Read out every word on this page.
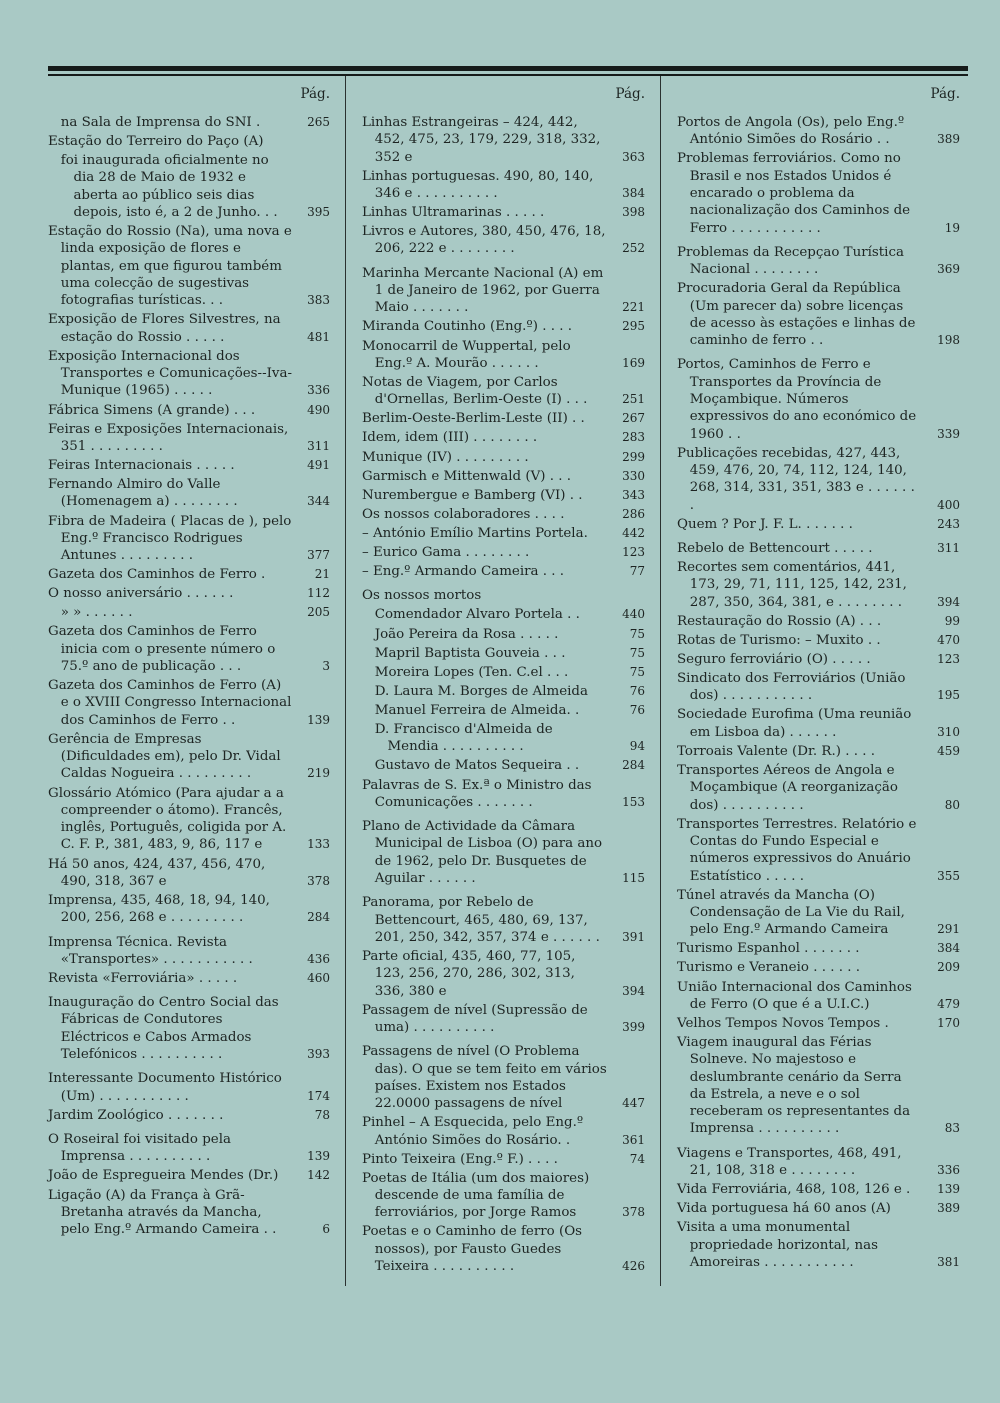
Pág.
na Sala de Imprensa do SNI .	265
Estação do Terreiro do Paço (A)
foi inaugurada oficialmente no dia 28 de Maio de 1932 e aberta ao público seis dias depois, isto é, a 2 de Junho. . .	395
Estação do Rossio (Na), uma nova e linda exposição de flores e plantas, em que figurou também uma colecção de sugestivas fotografias turísticas. . .	383
Exposição de Flores Silvestres, na estação do Rossio . . . . .	481
Exposição Internacional dos Transportes e Comunicações--Iva-Munique (1965) . . . . .	336
Fábrica Simens (A grande) . . .	490
Feiras e Exposições Internacionais, 351 . . . . . . . . .	311
Feiras Internacionais . . . . .	491
Fernando Almiro do Valle (Homenagem a) . . . . . . . .	344
Fibra de Madeira ( Placas de ), pelo Eng.º Francisco Rodrigues Antunes . . . . . . . . .	377
Gazeta dos Caminhos de Ferro .	21
O nosso aniversário . . . . . .	112
» » . . . . . .	205
Gazeta dos Caminhos de Ferro inicia com o presente número o 75.º ano de publicação . . .	3
Gazeta dos Caminhos de Ferro (A) e o XVIII Congresso Internacional dos Caminhos de Ferro . .	139
Gerência de Empresas (Dificuldades em), pelo Dr. Vidal Caldas Nogueira . . . . . . . . .	219
Glossário Atómico (Para ajudar a a compreender o átomo). Francês, inglês, Português, coligida por A. C. F. P., 381, 483, 9, 86, 117 e	133
Há 50 anos, 424, 437, 456, 470, 490, 318, 367 e	378
Imprensa, 435, 468, 18, 94, 140, 200, 256, 268 e . . . . . . . . .	284
Imprensa Técnica. Revista «Transportes» . . . . . . . . . . .	436
Revista «Ferroviária» . . . . .	460
Inauguração do Centro Social das Fábricas de Condutores Eléctricos e Cabos Armados Telefónicos . . . . . . . . . .	393
Interessante Documento Histórico (Um) . . . . . . . . . . .	174
Jardim Zoológico . . . . . . .	78
O Roseiral foi visitado pela Imprensa . . . . . . . . . .	139
João de Espregueira Mendes (Dr.)	142
Ligação (A) da França à Grã-Bretanha através da Mancha, pelo Eng.º Armando Cameira . .	6
Pág.
Linhas Estrangeiras – 424, 442, 452, 475, 23, 179, 229, 318, 332, 352 e	363
Linhas portuguesas. 490, 80, 140, 346 e . . . . . . . . . .	384
Linhas Ultramarinas . . . . .	398
Livros e Autores, 380, 450, 476, 18, 206, 222 e . . . . . . . .	252
Marinha Mercante Nacional (A) em 1 de Janeiro de 1962, por Guerra Maio . . . . . . .	221
Miranda Coutinho (Eng.º) . . . .	295
Monocarril de Wuppertal, pelo Eng.º A. Mourão . . . . . .	169
Notas de Viagem, por Carlos d'Ornellas, Berlim-Oeste (I) . . .	251
Berlim-Oeste-Berlim-Leste (II) . .	267
Idem, idem (III) . . . . . . . .	283
Munique (IV) . . . . . . . . .	299
Garmisch e Mittenwald (V) . . .	330
Nurembergue e Bamberg (VI) . .	343
Os nossos colaboradores . . . .	286
– António Emílio Martins Portela.	442
– Eurico Gama . . . . . . . .	123
– Eng.º Armando Cameira . . .	77
Os nossos mortos
Comendador Alvaro Portela . .	440
João Pereira da Rosa . . . . .	75
Mapril Baptista Gouveia . . .	75
Moreira Lopes (Ten. C.el . . .	75
D. Laura M. Borges de Almeida	76
Manuel Ferreira de Almeida. .	76
D. Francisco d'Almeida de Mendia . . . . . . . . . .	94
Gustavo de Matos Sequeira . .	284
Palavras de S. Ex.ª o Ministro das Comunicações . . . . . . .	153
Plano de Actividade da Câmara Municipal de Lisboa (O) para ano de 1962, pelo Dr. Busquetes de Aguilar . . . . . .	115
Panorama, por Rebelo de Bettencourt, 465, 480, 69, 137, 201, 250, 342, 357, 374 e . . . . . .	391
Parte oficial, 435, 460, 77, 105, 123, 256, 270, 286, 302, 313, 336, 380 e	394
Passagem de nível (Supressão de uma) . . . . . . . . . .	399
Passagens de nível (O Problema das). O que se tem feito em vários países. Existem nos Estados 22.0000 passagens de nível	447
Pinhel – A Esquecida, pelo Eng.º António Simões do Rosário. .	361
Pinto Teixeira (Eng.º F.) . . . .	74
Poetas de Itália (um dos maiores) descende de uma família de ferroviários, por Jorge Ramos	378
Poetas e o Caminho de ferro (Os nossos), por Fausto Guedes Teixeira . . . . . . . . . .	426
Pág.
Portos de Angola (Os), pelo Eng.º António Simões do Rosário . .	389
Problemas ferroviários. Como no Brasil e nos Estados Unidos é encarado o problema da nacionalização dos Caminhos de Ferro . . . . . . . . . . .	19
Problemas da Recepçao Turística Nacional . . . . . . . .	369
Procuradoria Geral da República (Um parecer da) sobre licenças de acesso às estações e linhas de caminho de ferro . .	198
Portos, Caminhos de Ferro e Transportes da Província de Moçambique. Números expressivos do ano económico de 1960 . .	339
Publicações recebidas, 427, 443, 459, 476, 20, 74, 112, 124, 140, 268, 314, 331, 351, 383 e . . . . . . .	400
Quem ? Por J. F. L. . . . . . .	243
Rebelo de Bettencourt . . . . .	311
Recortes sem comentários, 441, 173, 29, 71, 111, 125, 142, 231, 287, 350, 364, 381, e . . . . . . . .	394
Restauração do Rossio (A) . . .	99
Rotas de Turismo: – Muxito . .	470
Seguro ferroviário (O) . . . . .	123
Sindicato dos Ferroviários (União dos) . . . . . . . . . . .	195
Sociedade Eurofima (Uma reunião em Lisboa da) . . . . . .	310
Torroais Valente (Dr. R.) . . . .	459
Transportes Aéreos de Angola e Moçambique (A reorganização dos) . . . . . . . . . .	80
Transportes Terrestres. Relatório e Contas do Fundo Especial e números expressivos do Anuário Estatístico . . . . .	355
Túnel através da Mancha (O) Condensação de La Vie du Rail, pelo Eng.º Armando Cameira	291
Turismo Espanhol . . . . . . .	384
Turismo e Veraneio . . . . . .	209
União Internacional dos Caminhos de Ferro (O que é a U.I.C.)	479
Velhos Tempos Novos Tempos .	170
Viagem inaugural das Férias Solneve. No majestoso e deslumbrante cenário da Serra da Estrela, a neve e o sol receberam os representantes da Imprensa . . . . . . . . . .	83
Viagens e Transportes, 468, 491, 21, 108, 318 e . . . . . . . .	336
Vida Ferroviária, 468, 108, 126 e .	139
Vida portuguesa há 60 anos (A)	389
Visita a uma monumental propriedade horizontal, nas Amoreiras . . . . . . . . . . .	381
